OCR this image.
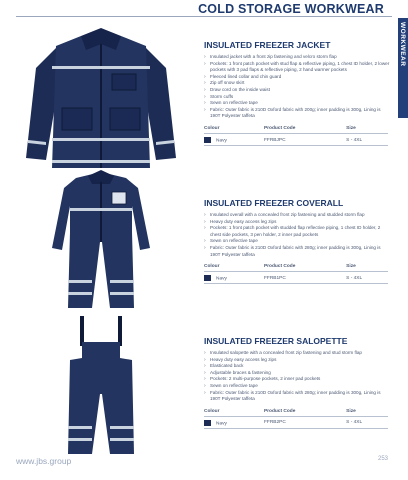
COLD STORAGE WORKWEAR
WORKWEAR
INSULATED FREEZER JACKET
› Insulated jacket with a front zip fastening and velcro storm flap
› Pockets: 1 front patch pocket with stud flap & reflective piping, 1 chest ID holder, 2 lower pockets with 3 pad flaps & reflective piping, 2 hand warmer pockets
› Fleeced lined collar and chin guard
› Zip off snow skirt
› Draw cord on the inside waist
› Storm cuffs
› Sewn on reflective tape
› Fabric: Outer fabric is 210D Oxford fabric with 200g; inner padding is 300g, Lining is 190T Polyester taffeta
Colour	Product Code	Size
Navy	FFRBJPC	S - 4XL
INSULATED FREEZER COVERALL
› Insulated overall with a concealed front zip fastening and studded storm flap
› Heavy duty easy access leg zips
› Pockets: 1 front patch pocket with studded flap reflective piping, 1 chest ID holder, 2 chest side pockets, 3 pen holder, 2 inner pad pockets
› Sewn on reflective tape
› Fabric: Outer fabric is 210D Oxford fabric with 280g; inner padding is 300g, Lining is 190T Polyester taffeta
Colour	Product Code	Size
Navy	FFRB1PC	S - 4XL
INSULATED FREEZER SALOPETTE
› Insulated salopette with a concealed front zip fastening and stud storm flap
› Heavy duty easy access leg zips
› Elasticated back
› Adjustable braces & fastening
› Pockets: 2 multi-purpose pockets, 2 inner pad pockets
› Sewn on reflective tape
› Fabric: Outer fabric is 210D Oxford fabric with 280g; inner padding is 300g, Lining is 190T Polyester taffeta
Colour	Product Code	Size
Navy	FFRB2PC	S - 4XL
www.jbs.group	253
